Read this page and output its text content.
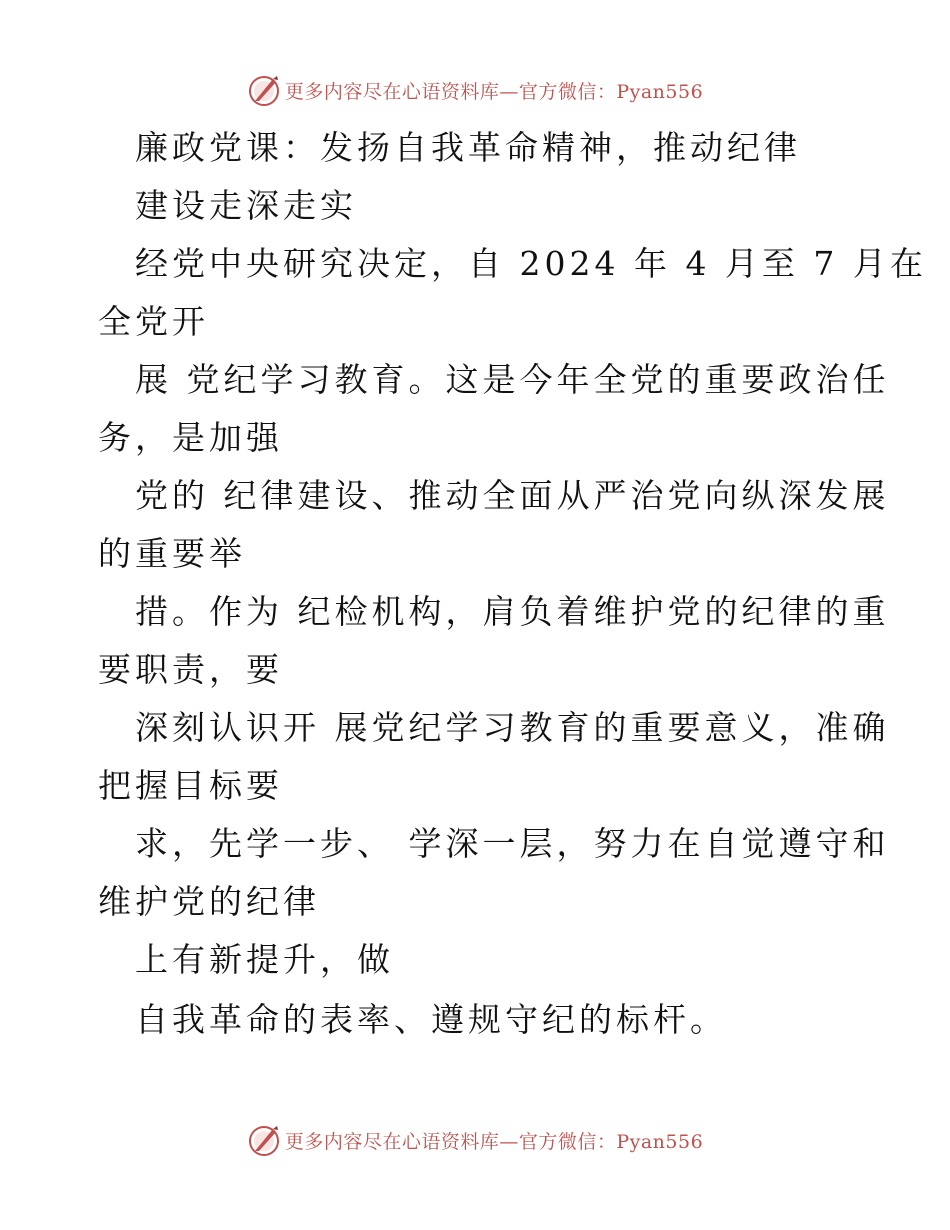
更多内容尽在心语资料库—官方微信：Pyan556
廉政党课：发扬自我革命精神，推动纪律
建设走深走实
经党中央研究决定，自 2024 年 4 月至 7 月在
全党开
展 党纪学习教育。这是今年全党的重要政治任
务，是加强
党的 纪律建设、推动全面从严治党向纵深发展
的重要举
措。作为 纪检机构，肩负着维护党的纪律的重
要职责，要
深刻认识开 展党纪学习教育的重要意义，准确
把握目标要
求，先学一步、 学深一层，努力在自觉遵守和
维护党的纪律
上有新提升，做
自我革命的表率、遵规守纪的标杆。
更多内容尽在心语资料库—官方微信：Pyan556
